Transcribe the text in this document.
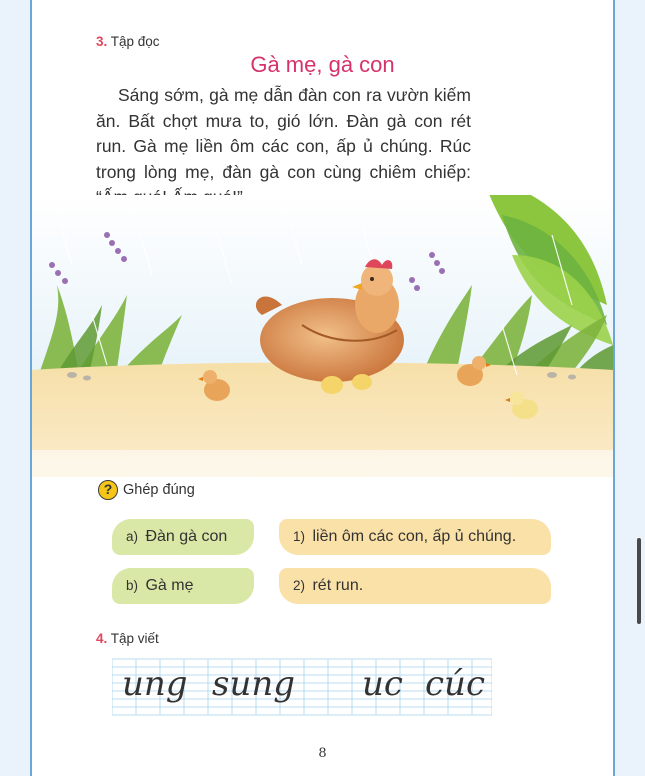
3. Tập đọc
Gà mẹ, gà con
Sáng sớm, gà mẹ dẫn đàn con ra vườn kiếm ăn. Bất chợt mưa to, gió lớn. Đàn gà con rét run. Gà mẹ liền ôm các con, ấp ủ chúng. Rúc trong lòng mẹ, đàn gà con cùng chiêm chiếp:
? Ghép đúng
a) Đàn gà con
b) Gà mẹ
1) liền ôm các con, ấp ủ chúng.
2) rét run.
4. Tập viết
ung sung uc cúc
8
